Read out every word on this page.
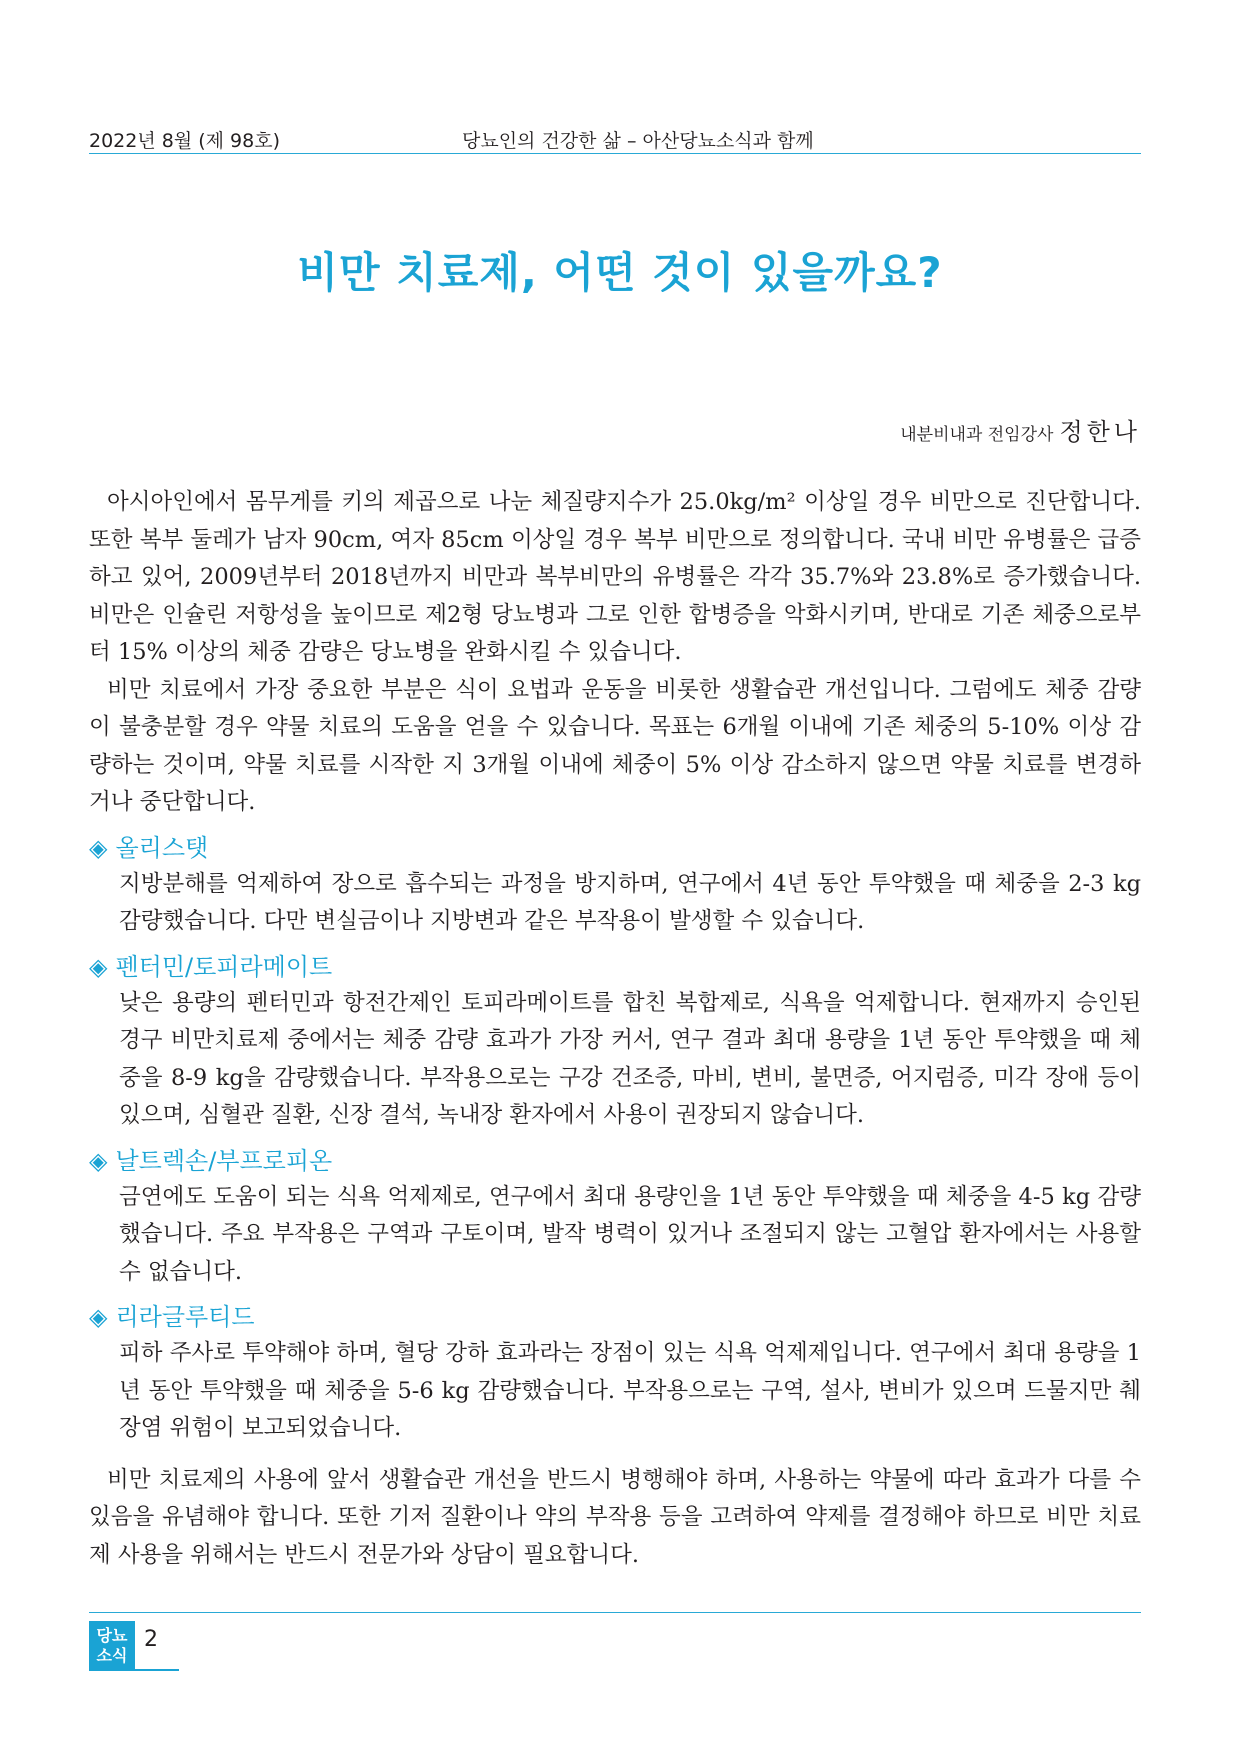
2022년 8월 (제 98호)	당뇨인의 건강한 삶 – 아산당뇨소식과 함께
비만 치료제, 어떤 것이 있을까요?
내분비내과 전임강사 정한나

아시아인에서 몸무게를 키의 제곱으로 나눈 체질량지수가 25.0kg/m² 이상일 경우 비만으로 진단합니다. 또한 복부 둘레가 남자 90cm, 여자 85cm 이상일 경우 복부 비만으로 정의합니다. 국내 비만 유병률은 급증하고 있어, 2009년부터 2018년까지 비만과 복부비만의 유병률은 각각 35.7%와 23.8%로 증가했습니다. 비만은 인슐린 저항성을 높이므로 제2형 당뇨병과 그로 인한 합병증을 악화시키며, 반대로 기존 체중으로부터 15% 이상의 체중 감량은 당뇨병을 완화시킬 수 있습니다.

비만 치료에서 가장 중요한 부분은 식이 요법과 운동을 비롯한 생활습관 개선입니다. 그럼에도 체중 감량이 불충분할 경우 약물 치료의 도움을 얻을 수 있습니다. 목표는 6개월 이내에 기존 체중의 5-10% 이상 감량하는 것이며, 약물 치료를 시작한 지 3개월 이내에 체중이 5% 이상 감소하지 않으면 약물 치료를 변경하거나 중단합니다.

◈ 올리스탯

지방분해를 억제하여 장으로 흡수되는 과정을 방지하며, 연구에서 4년 동안 투약했을 때 체중을 2-3 kg 감량했습니다. 다만 변실금이나 지방변과 같은 부작용이 발생할 수 있습니다.

◈ 펜터민/토피라메이트

낮은 용량의 펜터민과 항전간제인 토피라메이트를 합친 복합제로, 식욕을 억제합니다. 현재까지 승인된 경구 비만치료제 중에서는 체중 감량 효과가 가장 커서, 연구 결과 최대 용량을 1년 동안 투약했을 때 체중을 8-9 kg을 감량했습니다. 부작용으로는 구강 건조증, 마비, 변비, 불면증, 어지럼증, 미각 장애 등이 있으며, 심혈관 질환, 신장 결석, 녹내장 환자에서 사용이 권장되지 않습니다.

◈ 날트렉손/부프로피온

금연에도 도움이 되는 식욕 억제제로, 연구에서 최대 용량인을 1년 동안 투약했을 때 체중을 4-5 kg 감량했습니다. 주요 부작용은 구역과 구토이며, 발작 병력이 있거나 조절되지 않는 고혈압 환자에서는 사용할 수 없습니다.

◈ 리라글루티드

피하 주사로 투약해야 하며, 혈당 강하 효과라는 장점이 있는 식욕 억제제입니다. 연구에서 최대 용량을 1년 동안 투약했을 때 체중을 5-6 kg 감량했습니다. 부작용으로는 구역, 설사, 변비가 있으며 드물지만 췌장염 위험이 보고되었습니다.

비만 치료제의 사용에 앞서 생활습관 개선을 반드시 병행해야 하며, 사용하는 약물에 따라 효과가 다를 수 있음을 유념해야 합니다. 또한 기저 질환이나 약의 부작용 등을 고려하여 약제를 결정해야 하므로 비만 치료제 사용을 위해서는 반드시 전문가와 상담이 필요합니다.

당뇨
소식
2
